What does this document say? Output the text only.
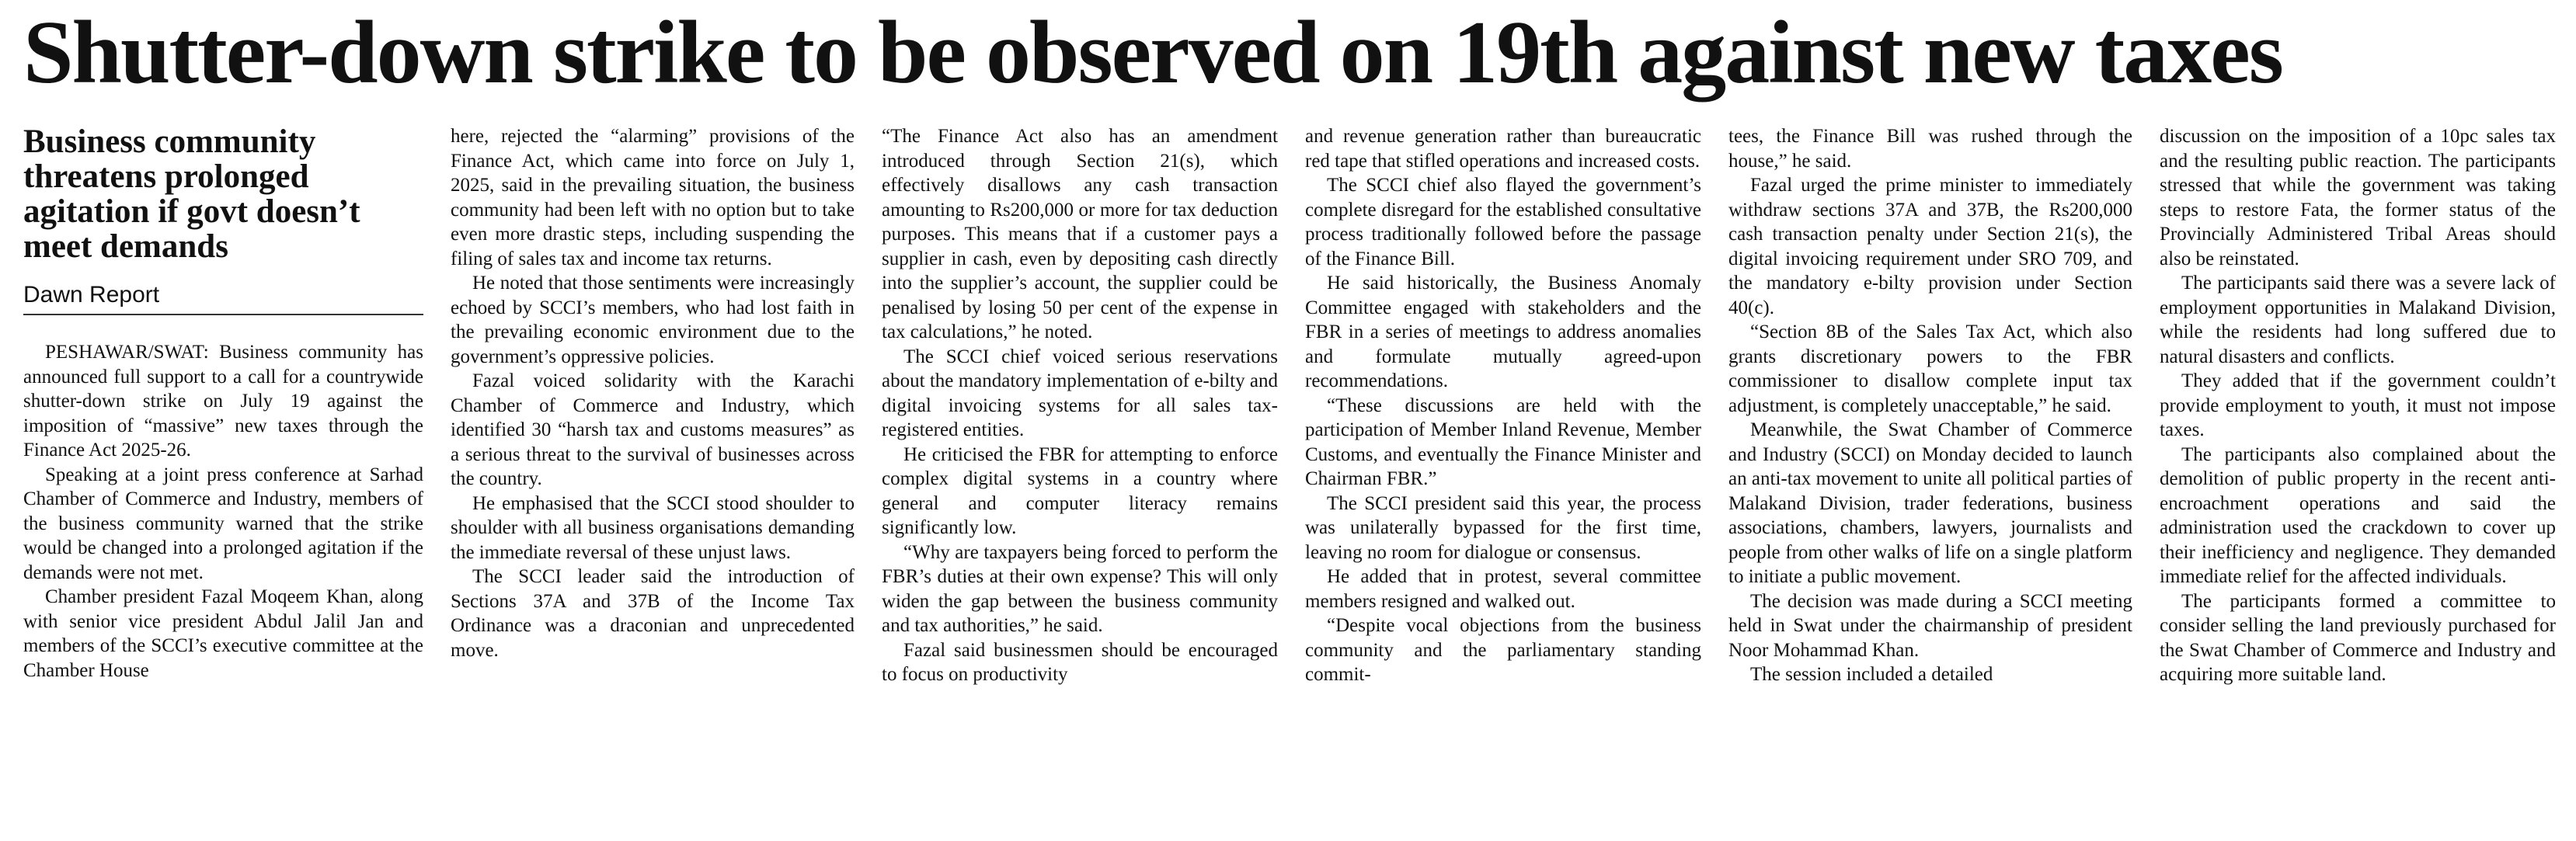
Shutter-down strike to be observed on 19th against new taxes
Business community threatens prolonged agitation if govt doesn’t meet demands
Dawn Report

PESHAWAR/SWAT: Business community has announced full support to a call for a countrywide shutter-down strike on July 19 against the imposition of “massive” new taxes through the Finance Act 2025-26.

Speaking at a joint press conference at Sarhad Chamber of Commerce and Industry, members of the business community warned that the strike would be changed into a prolonged agitation if the demands were not met.

Chamber president Fazal Moqeem Khan, along with senior vice president Abdul Jalil Jan and members of the SCCI’s executive committee at the Chamber House

here, rejected the “alarming” provisions of the Finance Act, which came into force on July 1, 2025, said in the prevailing situation, the business community had been left with no option but to take even more drastic steps, including suspending the filing of sales tax and income tax returns.

He noted that those sentiments were increasingly echoed by SCCI’s members, who had lost faith in the prevailing economic environment due to the government’s oppressive policies.

Fazal voiced solidarity with the Karachi Chamber of Commerce and Industry, which identified 30 “harsh tax and customs measures” as a serious threat to the survival of businesses across the country.

He emphasised that the SCCI stood shoulder to shoulder with all business organisations demanding the immediate reversal of these unjust laws.

The SCCI leader said the introduction of Sections 37A and 37B of the Income Tax Ordinance was a draconian and unprecedented move.

“The Finance Act also has an amendment introduced through Section 21(s), which effectively disallows any cash transaction amounting to Rs200,000 or more for tax deduction purposes. This means that if a customer pays a supplier in cash, even by depositing cash directly into the supplier’s account, the supplier could be penalised by losing 50 per cent of the expense in tax calculations,” he noted.

The SCCI chief voiced serious reservations about the mandatory implementation of e-bilty and digital invoicing systems for all sales tax-registered entities.

He criticised the FBR for attempting to enforce complex digital systems in a country where general and computer literacy remains significantly low.

“Why are taxpayers being forced to perform the FBR’s duties at their own expense? This will only widen the gap between the business community and tax authorities,” he said.

Fazal said businessmen should be encouraged to focus on productivity

and revenue generation rather than bureaucratic red tape that stifled operations and increased costs.

The SCCI chief also flayed the government’s complete disregard for the established consultative process traditionally followed before the passage of the Finance Bill.

He said historically, the Business Anomaly Committee engaged with stakeholders and the FBR in a series of meetings to address anomalies and formulate mutually agreed-upon recommendations.

“These discussions are held with the participation of Member Inland Revenue, Member Customs, and eventually the Finance Minister and Chairman FBR.”

The SCCI president said this year, the process was unilaterally bypassed for the first time, leaving no room for dialogue or consensus.

He added that in protest, several committee members resigned and walked out.

“Despite vocal objections from the business community and the parliamentary standing commit-

tees, the Finance Bill was rushed through the house,” he said.

Fazal urged the prime minister to immediately withdraw sections 37A and 37B, the Rs200,000 cash transaction penalty under Section 21(s), the digital invoicing requirement under SRO 709, and the mandatory e-bilty provision under Section 40(c).

“Section 8B of the Sales Tax Act, which also grants discretionary powers to the FBR commissioner to disallow complete input tax adjustment, is completely unacceptable,” he said.

Meanwhile, the Swat Chamber of Commerce and Industry (SCCI) on Monday decided to launch an anti-tax movement to unite all political parties of Malakand Division, trader federations, business associations, chambers, lawyers, journalists and people from other walks of life on a single platform to initiate a public movement.

The decision was made during a SCCI meeting held in Swat under the chairmanship of president Noor Mohammad Khan.

The session included a detailed

discussion on the imposition of a 10pc sales tax and the resulting public reaction. The participants stressed that while the government was taking steps to restore Fata, the former status of the Provincially Administered Tribal Areas should also be reinstated.

The participants said there was a severe lack of employment opportunities in Malakand Division, while the residents had long suffered due to natural disasters and conflicts.

They added that if the government couldn’t provide employment to youth, it must not impose taxes.

The participants also complained about the demolition of public property in the recent anti-encroachment operations and said the administration used the crackdown to cover up their inefficiency and negligence. They demanded immediate relief for the affected individuals.

The participants formed a committee to consider selling the land previously purchased for the Swat Chamber of Commerce and Industry and acquiring more suitable land.
